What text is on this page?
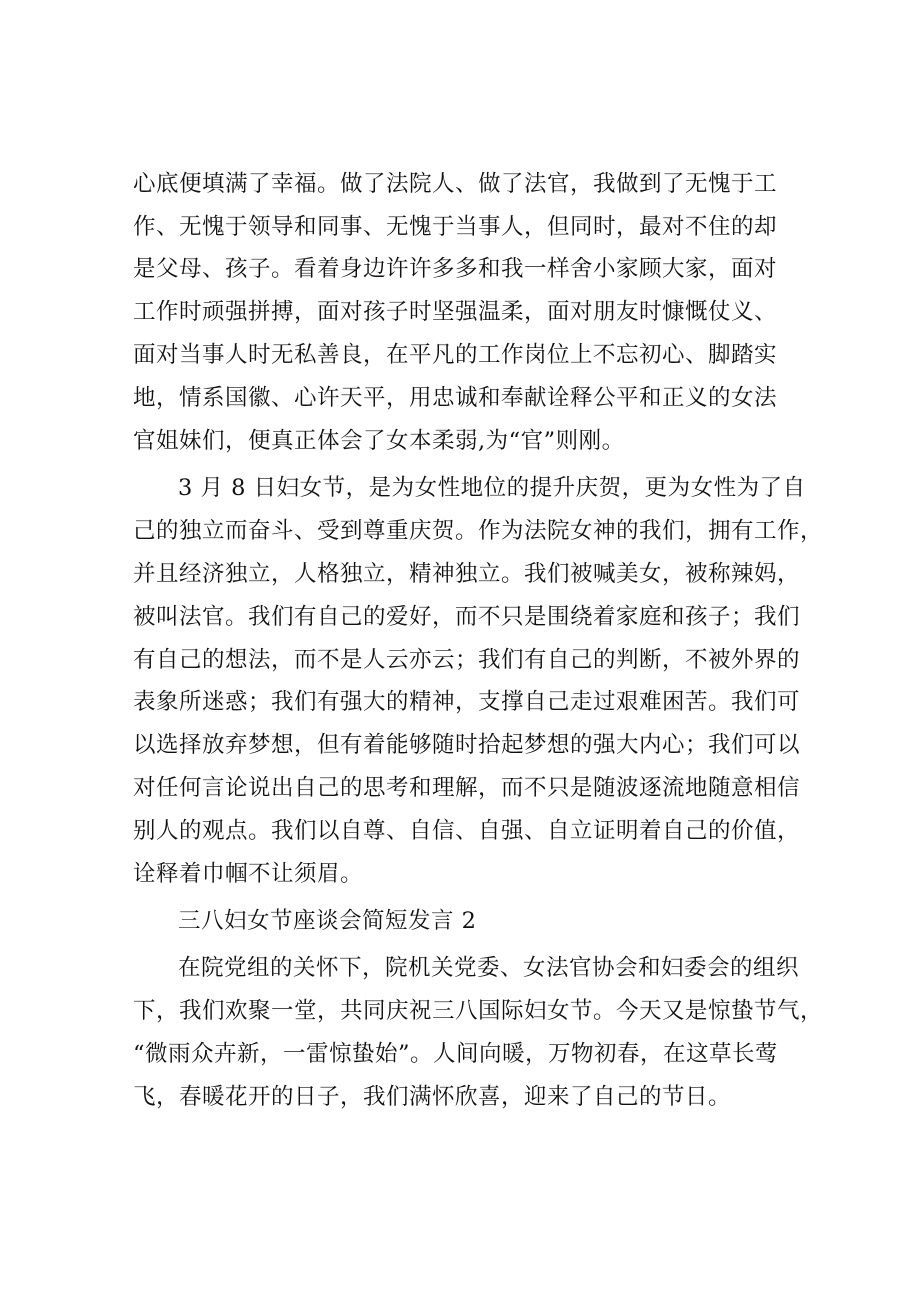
心底便填满了幸福。做了法院人、做了法官，我做到了无愧于工
作、无愧于领导和同事、无愧于当事人，但同时，最对不住的却
是父母、孩子。看着身边许许多多和我一样舍小家顾大家，面对
工作时顽强拼搏，面对孩子时坚强温柔，面对朋友时慷慨仗义、
面对当事人时无私善良，在平凡的工作岗位上不忘初心、脚踏实
地，情系国徽、心许天平，用忠诚和奉献诠释公平和正义的女法
官姐妹们，便真正体会了女本柔弱,为“官”则刚。
3 月 8 日妇女节，是为女性地位的提升庆贺，更为女性为了自
己的独立而奋斗、受到尊重庆贺。作为法院女神的我们，拥有工作，
并且经济独立，人格独立，精神独立。我们被喊美女，被称辣妈，
被叫法官。我们有自己的爱好，而不只是围绕着家庭和孩子；我们
有自己的想法，而不是人云亦云；我们有自己的判断，不被外界的
表象所迷惑；我们有强大的精神，支撑自己走过艰难困苦。我们可
以选择放弃梦想，但有着能够随时拾起梦想的强大内心；我们可以
对任何言论说出自己的思考和理解，而不只是随波逐流地随意相信
别人的观点。我们以自尊、自信、自强、自立证明着自己的价值，
诠释着巾帼不让须眉。
三八妇女节座谈会简短发言 2
在院党组的关怀下，院机关党委、女法官协会和妇委会的组织
下，我们欢聚一堂，共同庆祝三八国际妇女节。今天又是惊蛰节气，
“微雨众卉新，一雷惊蛰始”。人间向暖，万物初春，在这草长莺
飞，春暖花开的日子，我们满怀欣喜，迎来了自己的节日。
